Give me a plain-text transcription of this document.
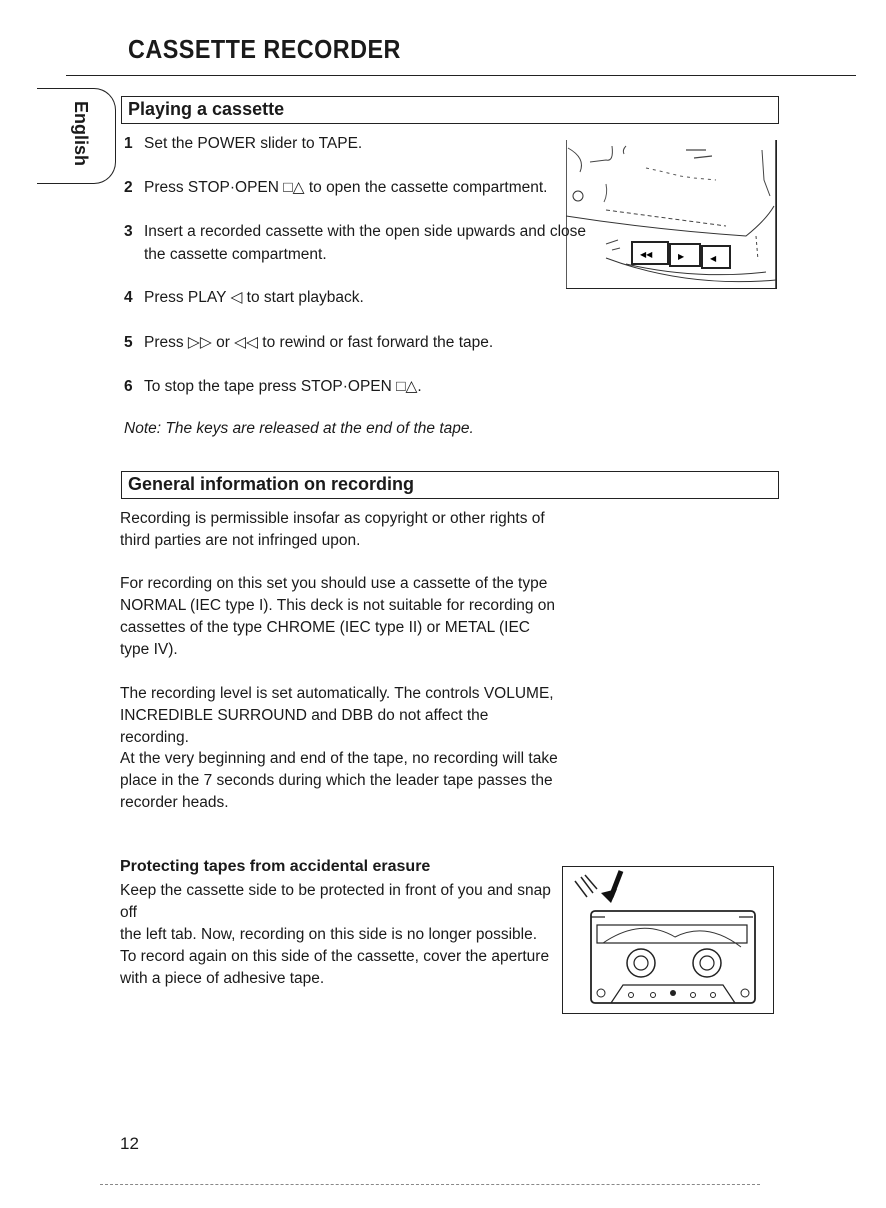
CASSETTE RECORDER
English Playing a cassette
1 Set the POWER slider to TAPE.
2 Press STOP·OPEN □△ to open the cassette compartment.
3 Insert a recorded cassette with the open side upwards and close
the cassette compartment.
4 Press PLAY ◁ to start playback.
5 Press ▷▷ or ◁◁ to rewind or fast forward the tape.
6 To stop the tape press STOP·OPEN □△.
Note: The keys are released at the end of the tape.
◀◀	▶	◀
General information on recording
Recording is permissible insofar as copyright or other rights of
third parties are not infringed upon.
For recording on this set you should use a cassette of the type
NORMAL (IEC type I). This deck is not suitable for recording on
cassettes of the type CHROME (IEC type II) or METAL (IEC
type IV).
The recording level is set automatically. The controls VOLUME,
INCREDIBLE SURROUND and DBB do not affect the recording.
At the very beginning and end of the tape, no recording will take
place in the 7 seconds during which the leader tape passes the
recorder heads.
Protecting tapes from accidental erasure
Keep the cassette side to be protected in front of you and snap off
the left tab. Now, recording on this side is no longer possible.
To record again on this side of the cassette, cover the aperture
with a piece of adhesive tape.
12
